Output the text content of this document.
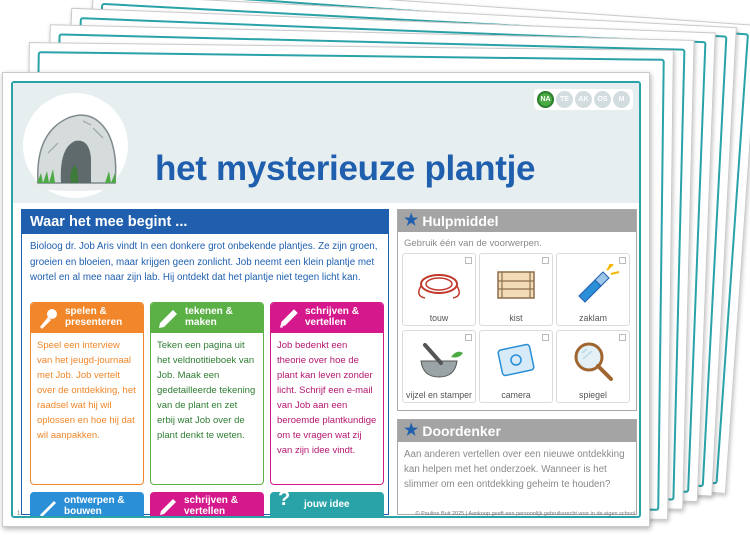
NA	TE	AK	OS	M
het mysterieuze plantje
Waar het mee begint ...
Bioloog dr. Job Aris vindt In een donkere grot onbekende plantjes. Ze zijn groen, groeien en bloeien, maar krijgen geen zonlicht. Job neemt een klein plantje met wortel en al mee naar zijn lab. Hij ontdekt dat het plantje niet tegen licht kan.
spelen &
presenteren
Speel een interview van het jeugd-journaal met Job. Job vertelt over de ontdekking, het raadsel wat hij wil oplossen en hoe hij dat wil aanpakken.
tekenen &
maken
Teken een pagina uit het veldnotitieboek van Job. Maak een gedetailleerde tekening van de plant en zet erbij wat Job over de plant denkt te weten.
schrijven &
vertellen
Job bedenkt een theorie over hoe de plant kan leven zonder licht. Schrijf een e-mail van Job aan een beroemde plantkundige om te vragen wat zij van zijn idee vindt.
ontwerpen &
bouwen
schrijven &
vertellen
? jouw idee
★ Hulpmiddel
Gebruik één van de voorwerpen.
touw	kist	zaklam
vijzel en stamper	camera	spiegel
★ Doordenker
Aan anderen vertellen over een nieuwe ontdekking kan helpen met het onderzoek. Wanneer is het slimmer om een ontdekking geheim te houden?
1	© Pauline Buit 2025 | Aankoop geeft een persoonlijk gebruiksrecht voor in de eigen school
